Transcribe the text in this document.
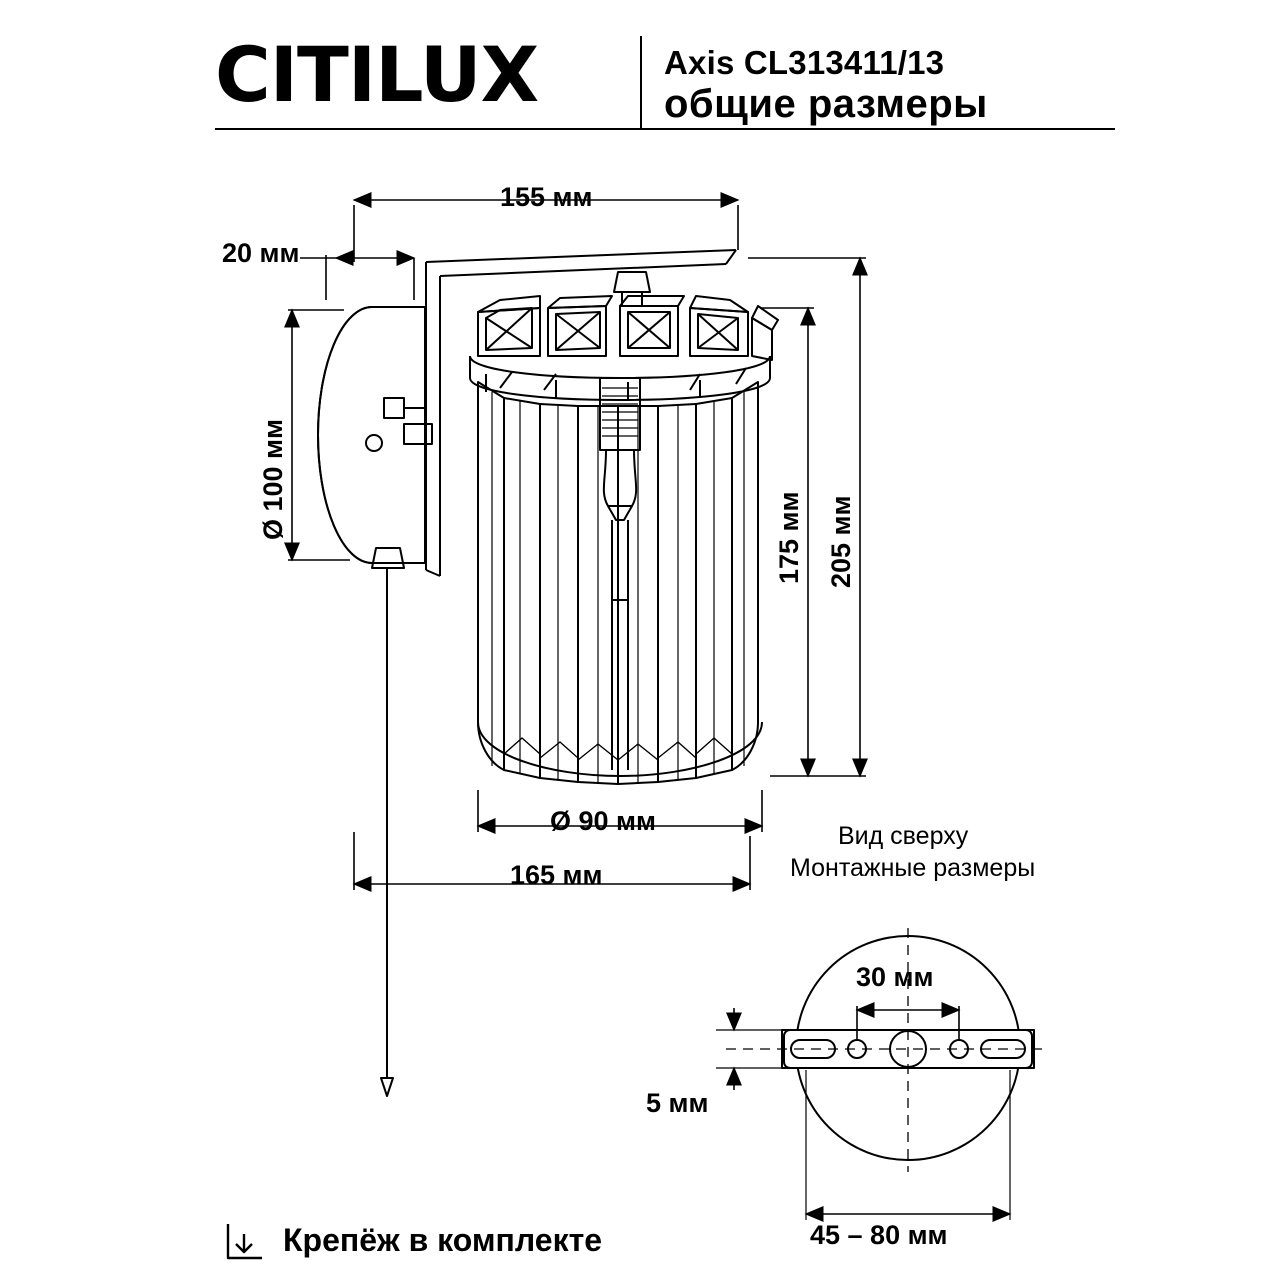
CITILUX	Axis CL313411/13
общие размеры
155 мм
20 мм
Ø 100 мм
205 мм
175 мм
Ø 90 мм
165 мм
30 мм
5 мм
45 – 80 мм
Вид сверху
Монтажные размеры
Крепёж в комплекте
